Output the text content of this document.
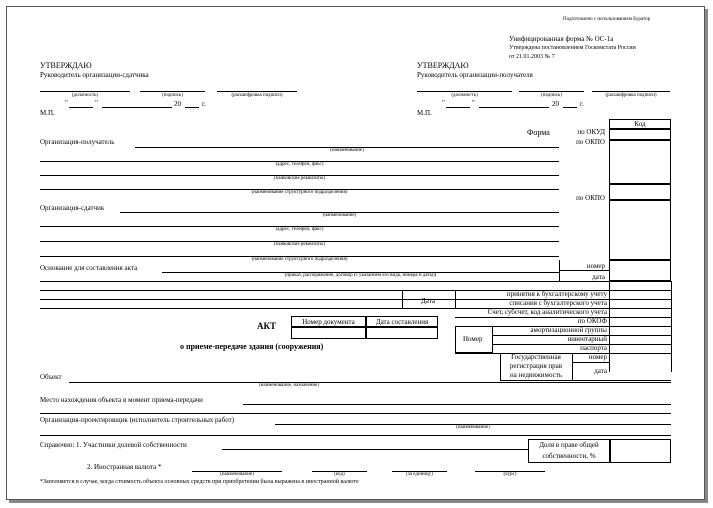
Подготовлено с использованием Буратор
Унифицированная форма № ОС-1а
Утверждена постановлением Госкомстата России
от 21.01.2003 № 7
УТВЕРЖДАЮ
Руководитель организации-сдатчика
(должность)	(подпись)	(расшифровка подписи)
"	"	20	г.
М.П.
УТВЕРЖДАЮ
Руководитель организации-получателя
(должность)	(подпись)	(расшифровка подписи)
"	"	20	г.
М.П.
Код
Форма	по ОКУД
по ОКПО
по ОКПО
Организация-получатель
(наименование)
(адрес, телефон, факс)
(банковские реквизиты)
(наименование структурного подразделения)
Организация-сдатчик
(наименование)
(адрес, телефон, факс)
(банковские реквизиты)
(наименование структурного подразделения)
Основание для составления акта
(приказ, распоряжение, договор (с указанием его вида, номера и даты))
номер
дата
принятия к бухгалтерскому учету
списания с бухгалтерского учета
Дата
Счет, субсчет, код аналитического учета
по ОКОФ
амортизационной группы
инвентарный
паспорта
Номер
Государственная
регистрация прав
на недвижимость
номер
дата
АКТ	Номер документа	Дата составления
о приеме-передаче здания (сооружения)
Объект
(наименование, назначение)
Место нахождения объекта в момент приема-передачи
Организация-проектировщик (исполнитель строительных работ)
(наименование)
Справочно: 1. Участники долевой собственности	Доля в праве общей
собственности, %
2. Иностранная валюта *
(наименование)	(код)	(за единицу)	(курс)
*Заполняется в случае, когда стоимость объекта основных средств при приобретении была выражена в иностранной валюте
